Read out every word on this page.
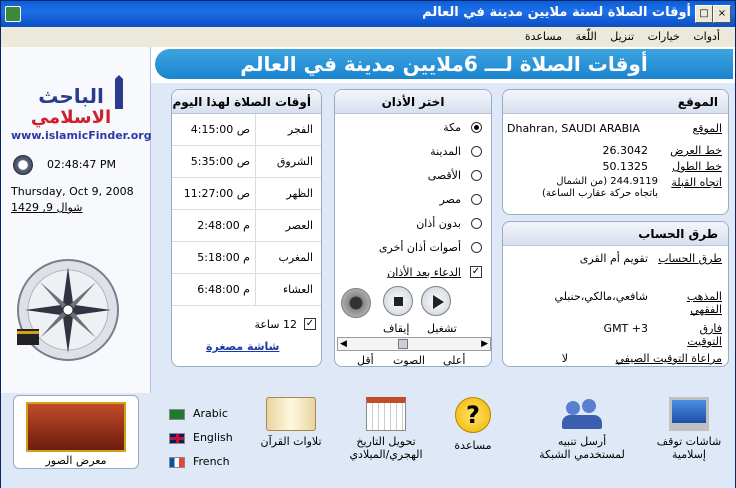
أوقات الصلاة لستة ملايين مدينة في العالم	×
□
أدوات خيارات تنزيل اللّغة مساعدة
الباحث
الاسلامي
www.islamicFinder.org
02:48:47 PM
Thursday, Oct 9, 2008
شوال 9, 1429
أوقات الصلاة لـــ 6ملايين مدينة في العالم
أوقات الصلاة لهذا اليوم
الفجر
ص 4:15:00
الشروق
ص 5:35:00
الظهر
ص 11:27:00
العصر
م 2:48:00
المغرب
م 5:18:00
العشاء
م 6:48:00
✓
12 ساعة
شاشة مصغرة
اختر الأذان
مكة
المدينة
الأقصى
مصر
بدون أذان
أصوات أذان أخرى
✓
الدعاء بعد الأذان
إيقاف تشغيل
أعلى
الصوت
أقل
◀	▶
الموقع
الموقع
Dhahran, SAUDI ARABIA
خط العرض
26.3042
خط الطول
50.1325
اتجاه القبلة
244.9119 (من الشمال باتجاه حركة عقارب الساعة)
طرق الحساب
طرق الحساب
تقويم أم القرى
المذهب الفقهي
شافعي،مالكي،حنبلي
فارق التوقيت
GMT +3
مراعاة التوقيت الصيفي
لا
معرض الصور
Arabic
English
French
تلاوات القرآن	تحويل التاريخ الهجري/الميلادي
?
مساعدة	أرسل تنبيه لمستخدمي الشبكة
شاشات توقف إسلامية
